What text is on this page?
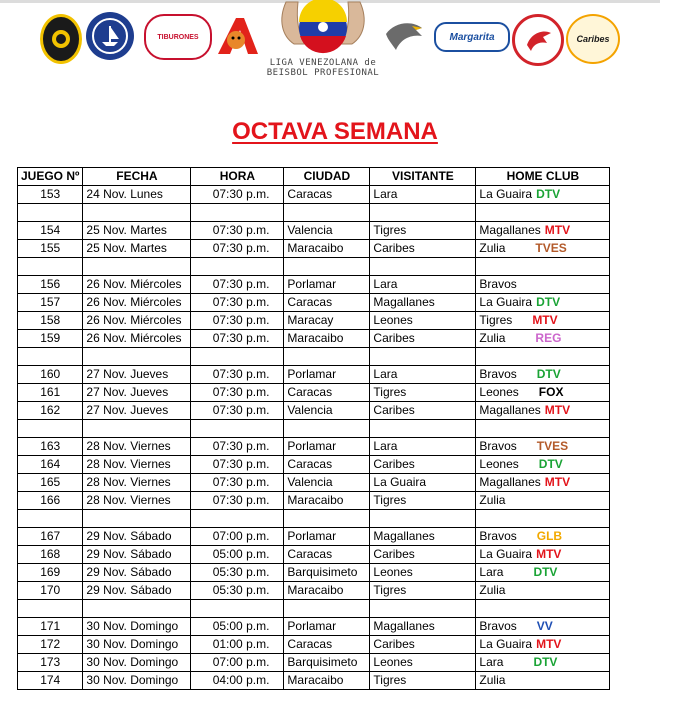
TIBURONES
LIGA VENEZOLANA de
BEISBOL PROFESIONAL
Margarita	Caribes
OCTAVA SEMANA
JUEGO Nº	FECHA	HORA	CIUDAD	VISITANTE	HOME CLUB
153	24 Nov. Lunes	07:30 p.m.	Caracas	Lara	La Guaira DTV

154	25 Nov. Martes	07:30 p.m.	Valencia	Tigres	Magallanes MTV

155	25 Nov. Martes	07:30 p.m.	Maracaibo	Caribes	Zulia TVES

156	26 Nov. Miércoles	07:30 p.m.	Porlamar	Lara	Bravos

157	26 Nov. Miércoles	07:30 p.m.	Caracas	Magallanes	La Guaira DTV

158	26 Nov. Miércoles	07:30 p.m.	Maracay	Leones	Tigres MTV

159	26 Nov. Miércoles	07:30 p.m.	Maracaibo	Caribes	Zulia REG

160	27 Nov. Jueves	07:30 p.m.	Porlamar	Lara	Bravos DTV

161	27 Nov. Jueves	07:30 p.m.	Caracas	Tigres	Leones FOX

162	27 Nov. Jueves	07:30 p.m.	Valencia	Caribes	Magallanes MTV

163	28 Nov. Viernes	07:30 p.m.	Porlamar	Lara	Bravos TVES

164	28 Nov. Viernes	07:30 p.m.	Caracas	Caribes	Leones DTV

165	28 Nov. Viernes	07:30 p.m.	Valencia	La Guaira	Magallanes MTV

166	28 Nov. Viernes	07:30 p.m.	Maracaibo	Tigres	Zulia

167	29 Nov. Sábado	07:00 p.m.	Porlamar	Magallanes	Bravos GLB

168	29 Nov. Sábado	05:00 p.m.	Caracas	Caribes	La Guaira MTV

169	29 Nov. Sábado	05:30 p.m.	Barquisimeto	Leones	Lara DTV

170	29 Nov. Sábado	05:30 p.m.	Maracaibo	Tigres	Zulia

171	30 Nov. Domingo	05:00 p.m.	Porlamar	Magallanes	Bravos VV

172	30 Nov. Domingo	01:00 p.m.	Caracas	Caribes	La Guaira MTV

173	30 Nov. Domingo	07:00 p.m.	Barquisimeto	Leones	Lara DTV

174	30 Nov. Domingo	04:00 p.m.	Maracaibo	Tigres	Zulia
